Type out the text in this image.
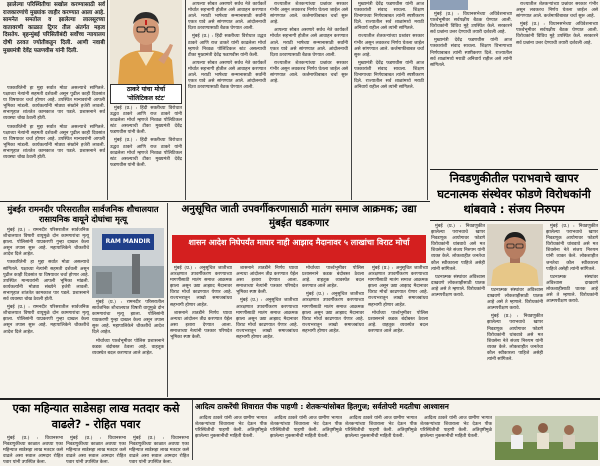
झालेल्या परिस्थितीचा सखोल करण्यासाठी सर्व राजकारणांचे मुख्यांक जाहीर करण्यात आला आहे. सामनेत समतोल व झालेल्या लालसूरच्या वातावरणी काळात ट्रिगर तील अंतर्गत महत्व दिसतेय. बृहन्मुंबई परिसितीबंदी सर्वोच्च न्यायालय दोषी ठरवत ज्योतीकडून दिली. आणी नवाबी मुख्यमंत्री देवेंद्र फडणवीस यांनी दिली.

पत्रकारितेनी हा मुद्दा सर्वात मोठा असल्याचे सांगितले. पक्षाच्या नेत्यांनी सहमती दर्शवली असून पुढील काही दिवसांत या विषयावर चर्चा होणार आहे. उपस्थित मान्यवरांनी आपली भूमिका मांडली. कार्यकर्त्यांनी मोठ्या संख्येने हजेरी लावली. सभागृहात शांततेत कामकाज पार पडले. प्रशासनाने सर्व व्यवस्था चोख ठेवली होती.

पत्रकारितेनी हा मुद्दा सर्वात मोठा असल्याचे सांगितले. पक्षाच्या नेत्यांनी सहमती दर्शवली असून पुढील काही दिवसांत या विषयावर चर्चा होणार आहे. उपस्थित मान्यवरांनी आपली भूमिका मांडली. कार्यकर्त्यांनी मोठ्या संख्येने हजेरी लावली. सभागृहात शांततेत कामकाज पार पडले. प्रशासनाने सर्व व्यवस्था चोख ठेवली होती.

ठाकरे यांचा मोर्चा
'पोलिटिकल स्टंट'

मुंबई (प्र.) : हिंदी सक्तीच्या विरोधात उद्धव ठाकरे आणि राज ठाकरे यांनी काढलेला मोर्चा म्हणजे निव्वळ पोलिटिकल स्टंट असल्याची टीका मुख्यमंत्री देवेंद्र फडणवीस यांनी केली.

मुंबई (प्र.) : हिंदी सक्तीच्या विरोधात उद्धव ठाकरे आणि राज ठाकरे यांनी काढलेला मोर्चा म्हणजे निव्वळ पोलिटिकल स्टंट असल्याची टीका मुख्यमंत्री देवेंद्र फडणवीस यांनी केली.

आपल्या सोबत असणारे सर्वच नेते कार्यकर्ते मोर्चात सहभागी होतील असे आवाहन करण्यात आले. मराठी भाषेच्या सन्मानासाठी सर्वांनी एकत्र यावे असे सांगण्यात आले. आंदोलनाची दिशा ठरवण्यासाठी बैठक घेण्यात आली.

मुंबई (प्र.) : हिंदी सक्तीच्या विरोधात उद्धव ठाकरे आणि राज ठाकरे यांनी काढलेला मोर्चा म्हणजे निव्वळ पोलिटिकल स्टंट असल्याची टीका मुख्यमंत्री देवेंद्र फडणवीस यांनी केली.

आपल्या सोबत असणारे सर्वच नेते कार्यकर्ते मोर्चात सहभागी होतील असे आवाहन करण्यात आले. मराठी भाषेच्या सन्मानासाठी सर्वांनी एकत्र यावे असे सांगण्यात आले. आंदोलनाची दिशा ठरवण्यासाठी बैठक घेण्यात आली.

राज्यातील शेतकऱ्यांच्या प्रश्नांवर सरकार गंभीर असून लवकरच निर्णय घेतला जाईल असे सांगण्यात आले. कर्जमाफीबाबत चर्चा सुरू आहे.

आपल्या सोबत असणारे सर्वच नेते कार्यकर्ते मोर्चात सहभागी होतील असे आवाहन करण्यात आले. मराठी भाषेच्या सन्मानासाठी सर्वांनी एकत्र यावे असे सांगण्यात आले. आंदोलनाची दिशा ठरवण्यासाठी बैठक घेण्यात आली.

राज्यातील शेतकऱ्यांच्या प्रश्नांवर सरकार गंभीर असून लवकरच निर्णय घेतला जाईल असे सांगण्यात आले. कर्जमाफीबाबत चर्चा सुरू आहे.

मुख्यमंत्री देवेंद्र फडणवीस यांनी आज पत्रकारांशी संवाद साधला. शिक्षण विभागाच्या निर्णयाबाबत त्यांनी स्पष्टीकरण दिले. राज्यातील सर्व शाळांमध्ये मराठी अनिवार्य राहील असे त्यांनी सांगितले.

राज्यातील शेतकऱ्यांच्या प्रश्नांवर सरकार गंभीर असून लवकरच निर्णय घेतला जाईल असे सांगण्यात आले. कर्जमाफीबाबत चर्चा सुरू आहे.

मुख्यमंत्री देवेंद्र फडणवीस यांनी आज पत्रकारांशी संवाद साधला. शिक्षण विभागाच्या निर्णयाबाबत त्यांनी स्पष्टीकरण दिले. राज्यातील सर्व शाळांमध्ये मराठी अनिवार्य राहील असे त्यांनी सांगितले.

मुंबई (प्र.) : विधानसभेच्या अधिवेशनाच्या पार्श्वभूमीवर सर्वपक्षीय बैठक घेण्यात आली. विरोधकांनी विविध मुद्दे उपस्थित केले. सरकारने सर्व प्रश्नांना उत्तर देण्याची तयारी दर्शवली आहे.

मुख्यमंत्री देवेंद्र फडणवीस यांनी आज पत्रकारांशी संवाद साधला. शिक्षण विभागाच्या निर्णयाबाबत त्यांनी स्पष्टीकरण दिले. राज्यातील सर्व शाळांमध्ये मराठी अनिवार्य राहील असे त्यांनी सांगितले.

राज्यातील शेतकऱ्यांच्या प्रश्नांवर सरकार गंभीर असून लवकरच निर्णय घेतला जाईल असे सांगण्यात आले. कर्जमाफीबाबत चर्चा सुरू आहे.

मुंबई (प्र.) : विधानसभेच्या अधिवेशनाच्या पार्श्वभूमीवर सर्वपक्षीय बैठक घेण्यात आली. विरोधकांनी विविध मुद्दे उपस्थित केले. सरकारने सर्व प्रश्नांना उत्तर देण्याची तयारी दर्शवली आहे.

निवडणुकीतील पराभवाचे खापर घटनात्मक संस्थेवर फोडणे विरोधकांनी थांबवावे : संजय निरुपम
मुंबईत रामनदीर परिसरातील सार्वजनिक शौचालयात रासायनिक वायूने दोघांचा मृत्यू
RAM MANDIR

मुंबई (प्र.) : रामनदीर परिसरातील सार्वजनिक शौचालयात विषारी वायूमुळे दोन कामगारांचा मृत्यू झाला. पोलिसांनी याप्रकरणी गुन्हा दाखल केला असून तपास सुरू आहे. महापालिकेने चौकशीचे आदेश दिले आहेत.

पत्रकारितेनी हा मुद्दा सर्वात मोठा असल्याचे सांगितले. पक्षाच्या नेत्यांनी सहमती दर्शवली असून पुढील काही दिवसांत या विषयावर चर्चा होणार आहे. उपस्थित मान्यवरांनी आपली भूमिका मांडली. कार्यकर्त्यांनी मोठ्या संख्येने हजेरी लावली. सभागृहात शांततेत कामकाज पार पडले. प्रशासनाने सर्व व्यवस्था चोख ठेवली होती.

मुंबई (प्र.) : रामनदीर परिसरातील सार्वजनिक शौचालयात विषारी वायूमुळे दोन कामगारांचा मृत्यू झाला. पोलिसांनी याप्रकरणी गुन्हा दाखल केला असून तपास सुरू आहे. महापालिकेने चौकशीचे आदेश दिले आहेत.

मुंबई (प्र.) : रामनदीर परिसरातील सार्वजनिक शौचालयात विषारी वायूमुळे दोन कामगारांचा मृत्यू झाला. पोलिसांनी याप्रकरणी गुन्हा दाखल केला असून तपास सुरू आहे. महापालिकेने चौकशीचे आदेश दिले आहेत.

मोर्चाच्या पार्श्वभूमीवर पोलिस प्रशासनाने कडक बंदोबस्त ठेवला आहे. वाहतूक व्यवस्थेत बदल करण्यात आले आहेत.

अनुसूचित जाती उपवर्गीकरणासाठी मातंग समाज आक्रमक; उद्या मुंबईत धडकणार
शासन आदेश निघेपर्यंत माघार नाही आझाद मैदानावर ५ लाखांचा विराट मोर्चा

मुंबई (प्र.) : अनुसूचित जातीच्या आरक्षणात उपवर्गीकरण करण्याच्या मागणीसाठी मातंग समाज आक्रमक झाला असून उद्या आझाद मैदानावर विराट मोर्चा काढण्यात येणार आहे. राज्यभरातून लाखो समाजबांधव सहभागी होणार आहेत.

शासनाने तातडीने निर्णय घ्यावा अन्यथा आंदोलन तीव्र करण्यात येईल असा इशारा देण्यात आला. समाजाच्या नेत्यांनी पत्रकार परिषदेत भूमिका स्पष्ट केली.

शासनाने तातडीने निर्णय घ्यावा अन्यथा आंदोलन तीव्र करण्यात येईल असा इशारा देण्यात आला. समाजाच्या नेत्यांनी पत्रकार परिषदेत भूमिका स्पष्ट केली.

मुंबई (प्र.) : अनुसूचित जातीच्या आरक्षणात उपवर्गीकरण करण्याच्या मागणीसाठी मातंग समाज आक्रमक झाला असून उद्या आझाद मैदानावर विराट मोर्चा काढण्यात येणार आहे. राज्यभरातून लाखो समाजबांधव सहभागी होणार आहेत.

मोर्चाच्या पार्श्वभूमीवर पोलिस प्रशासनाने कडक बंदोबस्त ठेवला आहे. वाहतूक व्यवस्थेत बदल करण्यात आले आहेत.

मुंबई (प्र.) : अनुसूचित जातीच्या आरक्षणात उपवर्गीकरण करण्याच्या मागणीसाठी मातंग समाज आक्रमक झाला असून उद्या आझाद मैदानावर विराट मोर्चा काढण्यात येणार आहे. राज्यभरातून लाखो समाजबांधव सहभागी होणार आहेत.

मुंबई (प्र.) : अनुसूचित जातीच्या आरक्षणात उपवर्गीकरण करण्याच्या मागणीसाठी मातंग समाज आक्रमक झाला असून उद्या आझाद मैदानावर विराट मोर्चा काढण्यात येणार आहे. राज्यभरातून लाखो समाजबांधव सहभागी होणार आहेत.

मोर्चाच्या पार्श्वभूमीवर पोलिस प्रशासनाने कडक बंदोबस्त ठेवला आहे. वाहतूक व्यवस्थेत बदल करण्यात आले आहेत.

मुंबई (प्र.) : निवडणुकीत झालेल्या पराभवाचे खापर निवडणूक आयोगावर फोडणे विरोधकांनी थांबवावे असे मत शिवसेना नेते संजय निरुपम यांनी व्यक्त केले. लोकशाहीत जनतेचा कौल स्वीकारला पाहिजे असेही त्यांनी सांगितले.

घटनात्मक संस्थांवर अविश्वास दाखवणे लोकशाहीसाठी घातक आहे असे ते म्हणाले. विरोधकांनी आत्मपरीक्षण करावे.

घटनात्मक संस्थांवर अविश्वास दाखवणे लोकशाहीसाठी घातक आहे असे ते म्हणाले. विरोधकांनी आत्मपरीक्षण करावे.

मुंबई (प्र.) : निवडणुकीत झालेल्या पराभवाचे खापर निवडणूक आयोगावर फोडणे विरोधकांनी थांबवावे असे मत शिवसेना नेते संजय निरुपम यांनी व्यक्त केले. लोकशाहीत जनतेचा कौल स्वीकारला पाहिजे असेही त्यांनी सांगितले.

मुंबई (प्र.) : निवडणुकीत झालेल्या पराभवाचे खापर निवडणूक आयोगावर फोडणे विरोधकांनी थांबवावे असे मत शिवसेना नेते संजय निरुपम यांनी व्यक्त केले. लोकशाहीत जनतेचा कौल स्वीकारला पाहिजे असेही त्यांनी सांगितले.

घटनात्मक संस्थांवर अविश्वास दाखवणे लोकशाहीसाठी घातक आहे असे ते म्हणाले. विरोधकांनी आत्मपरीक्षण करावे.

एका महिन्यात साडेसहा लाख मतदार कसे वाढले? - रोहित पवार

मुंबई (प्र.) : विधानसभा निवडणुकीच्या काळात अवघ्या एका महिन्यात साडेसहा लाख मतदार कसे वाढले असा सवाल आमदार रोहित पवार यांनी उपस्थित केला.

मुंबई (प्र.) : विधानसभा निवडणुकीच्या काळात अवघ्या एका महिन्यात साडेसहा लाख मतदार कसे वाढले असा सवाल आमदार रोहित पवार यांनी उपस्थित केला.

मुंबई (प्र.) : विधानसभा निवडणुकीच्या काळात अवघ्या एका महिन्यात साडेसहा लाख मतदार कसे वाढले असा सवाल आमदार रोहित पवार यांनी उपस्थित केला.

आदित्य ठाकरेंची शिवारात पीक पाहणी : शेतकऱ्यांसोबत हितगुज; सर्वतोपरी मदतीचा आश्वासन

आदित्य ठाकरे यांनी आज ग्रामीण भागात शेतकऱ्यांच्या शिवाराला भेट देऊन पीक परिस्थितीची पाहणी केली. अतिवृष्टीमुळे झालेल्या नुकसानीची माहिती घेतली.

आदित्य ठाकरे यांनी आज ग्रामीण भागात शेतकऱ्यांच्या शिवाराला भेट देऊन पीक परिस्थितीची पाहणी केली. अतिवृष्टीमुळे झालेल्या नुकसानीची माहिती घेतली.

आदित्य ठाकरे यांनी आज ग्रामीण भागात शेतकऱ्यांच्या शिवाराला भेट देऊन पीक परिस्थितीची पाहणी केली. अतिवृष्टीमुळे झालेल्या नुकसानीची माहिती घेतली.

आदित्य ठाकरे यांनी आज ग्रामीण भागात शेतकऱ्यांच्या शिवाराला भेट देऊन पीक परिस्थितीची पाहणी केली. अतिवृष्टीमुळे झालेल्या नुकसानीची माहिती घेतली.
